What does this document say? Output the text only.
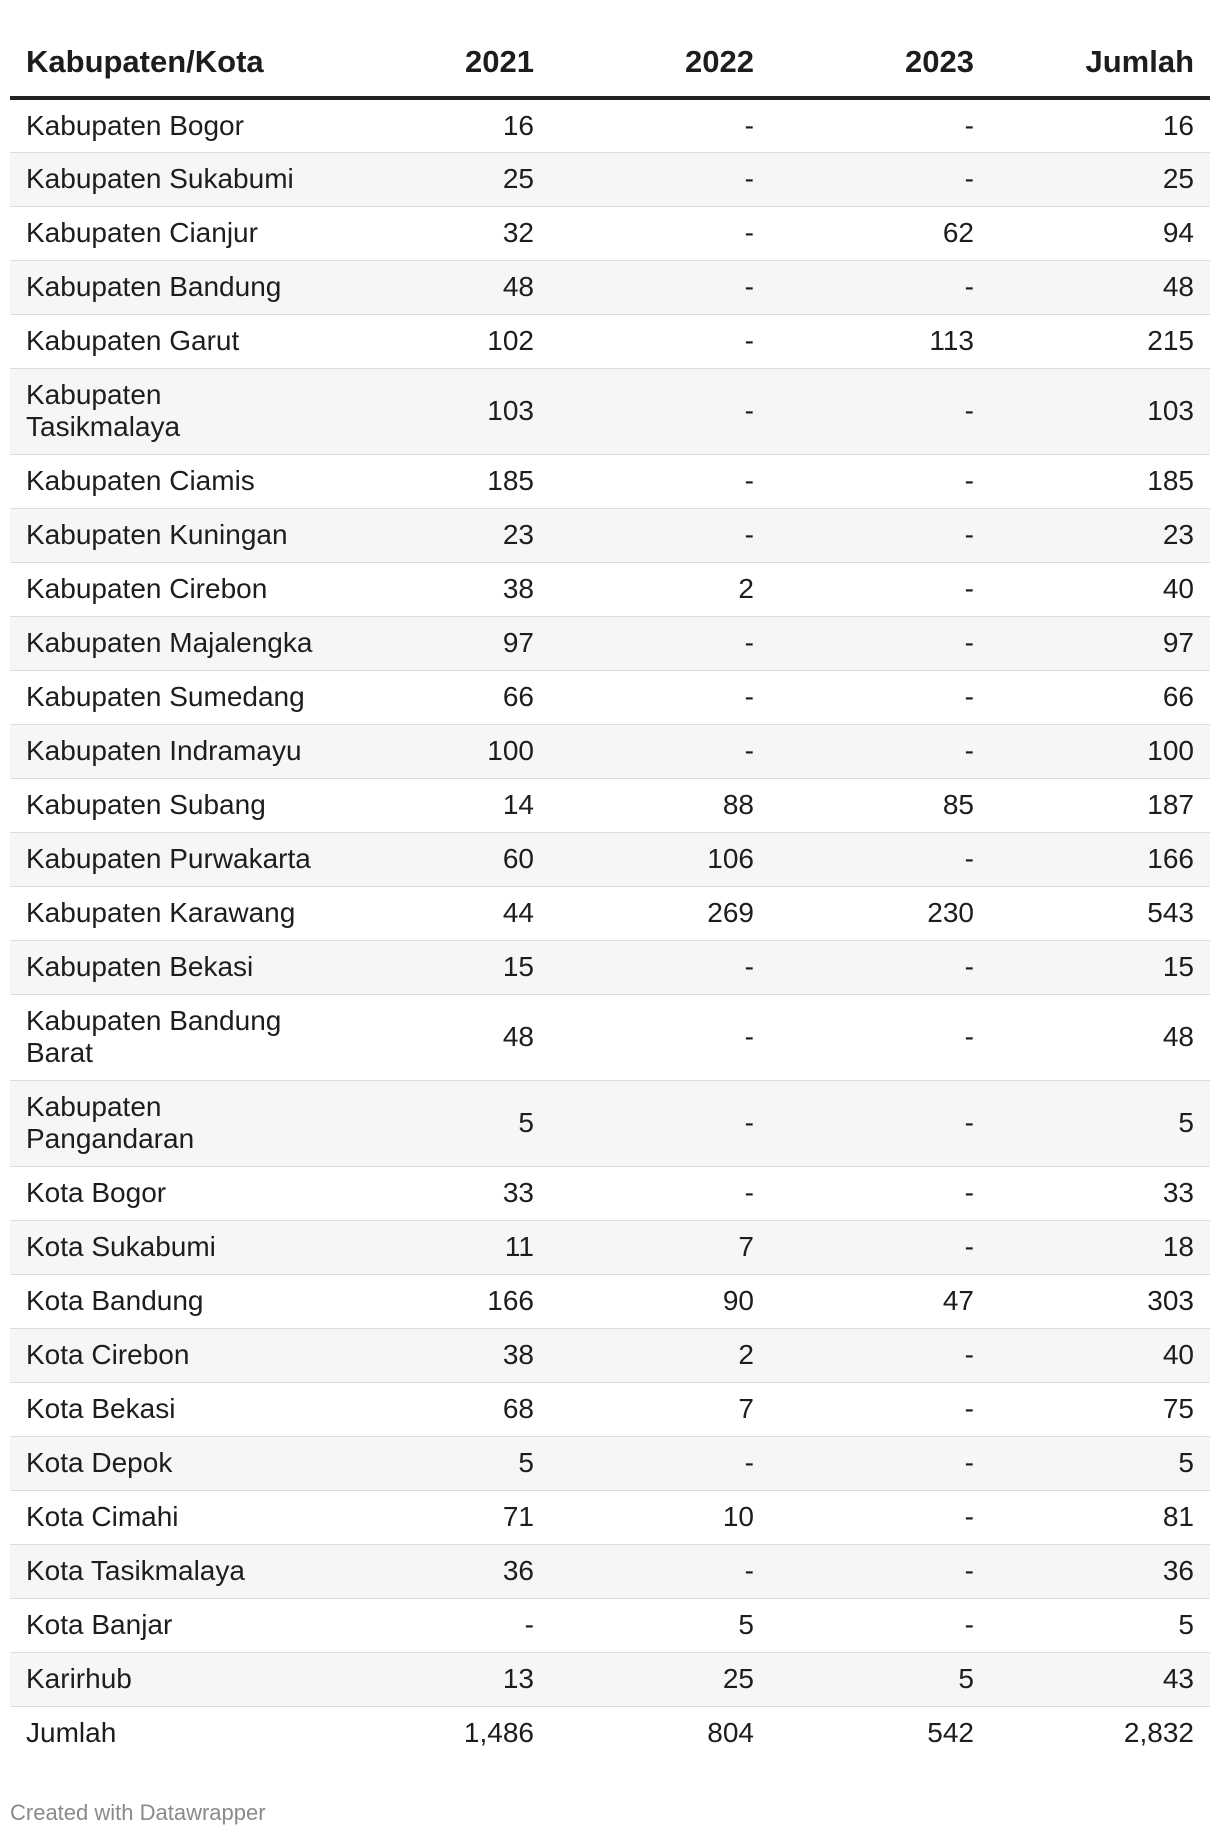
Kabupaten/Kota	2021	2022	2023	Jumlah
Kabupaten Bogor	16	-	-	16
Kabupaten Sukabumi	25	-	-	25
Kabupaten Cianjur	32	-	62	94
Kabupaten Bandung	48	-	-	48
Kabupaten Garut	102	-	113	215
Kabupaten Tasikmalaya	103	-	-	103
Kabupaten Ciamis	185	-	-	185
Kabupaten Kuningan	23	-	-	23
Kabupaten Cirebon	38	2	-	40
Kabupaten Majalengka	97	-	-	97
Kabupaten Sumedang	66	-	-	66
Kabupaten Indramayu	100	-	-	100
Kabupaten Subang	14	88	85	187
Kabupaten Purwakarta	60	106	-	166
Kabupaten Karawang	44	269	230	543
Kabupaten Bekasi	15	-	-	15
Kabupaten Bandung Barat	48	-	-	48
Kabupaten Pangandaran	5	-	-	5
Kota Bogor	33	-	-	33
Kota Sukabumi	11	7	-	18
Kota Bandung	166	90	47	303
Kota Cirebon	38	2	-	40
Kota Bekasi	68	7	-	75
Kota Depok	5	-	-	5
Kota Cimahi	71	10	-	81
Kota Tasikmalaya	36	-	-	36
Kota Banjar	-	5	-	5
Karirhub	13	25	5	43
Jumlah	1,486	804	542	2,832
Created with Datawrapper
